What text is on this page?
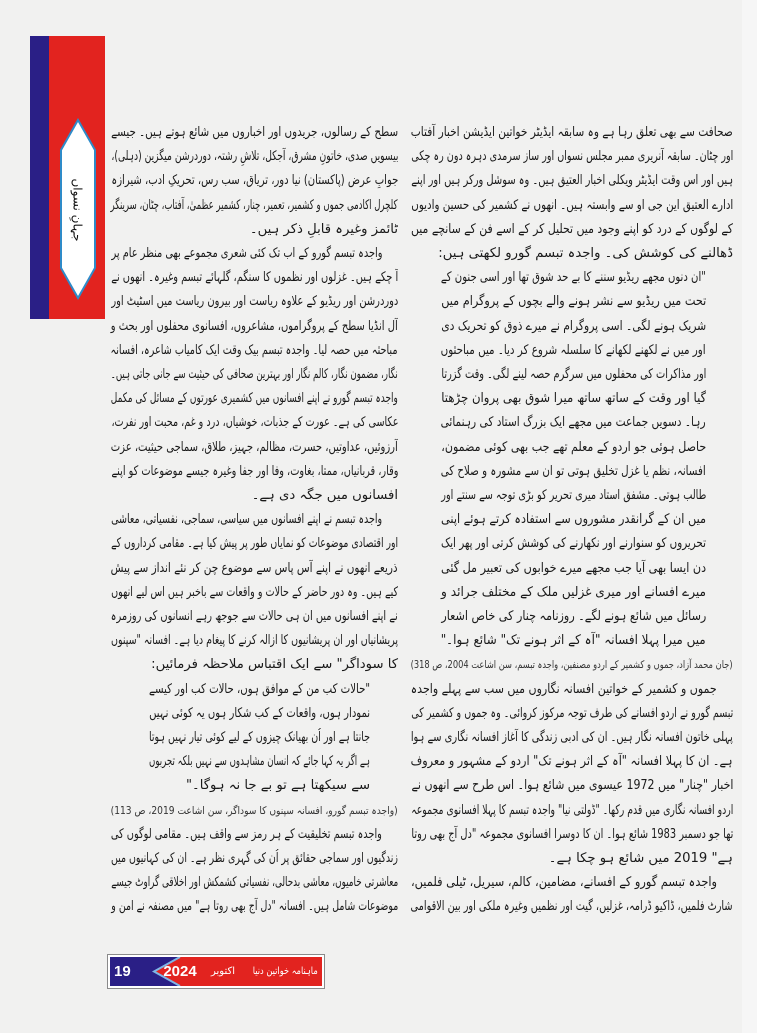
جہانِ نسواں
صحافت سے بھی تعلق رہا ہے وہ سابقہ ایڈیٹر خواتین ایڈیشن اخبار آفتاب
اور چٹان۔ سابقہ آنریری ممبر مجلس نسواں اور ساز سرمدی دہرہ دون رہ چکی
ہیں اور اس وقت ایڈیٹر ویکلی اخبار العتیق ہیں۔ وہ سوشل ورکر ہیں اور اپنے
ادارے العتیق این جی او سے وابستہ ہیں۔ انھوں نے کشمیر کی حسین وادیوں
کے لوگوں کے درد کو اپنے وجود میں تحلیل کر کے اسے فن کے سانچے میں
ڈھالنے کی کوشش کی۔ واجدہ تبسم گورو لکھتی ہیں:
"ان دنوں مجھے ریڈیو سننے کا بے حد شوق تھا اور اسی جنون کے
تحت میں ریڈیو سے نشر ہونے والے بچوں کے پروگرام میں
شریک ہونے لگی۔ اسی پروگرام نے میرے ذوق کو تحریک دی
اور میں نے لکھنے لکھانے کا سلسلہ شروع کر دیا۔ میں مباحثوں
اور مذاکرات کی محفلوں میں سرگرم حصہ لینے لگی۔ وقت گزرتا
گیا اور وقت کے ساتھ ساتھ میرا شوق بھی پروان چڑھتا
رہا۔ دسویں جماعت میں مجھے ایک بزرگ استاد کی رہنمائی
حاصل ہوئی جو اردو کے معلم تھے جب بھی کوئی مضمون،
افسانہ، نظم یا غزل تخلیق ہوتی تو ان سے مشورہ و صلاح کی
طالب ہوتی۔ مشفق استاد میری تحریر کو بڑی توجہ سے سنتے اور
میں ان کے گرانقدر مشوروں سے استفادہ کرتے ہوئے اپنی
تحریروں کو سنوارنے اور نکھارنے کی کوشش کرتی اور پھر ایک
دن ایسا بھی آیا جب مجھے میرے خوابوں کی تعبیر مل گئی
میرے افسانے اور میری غزلیں ملک کے مختلف جرائد و
رسائل میں شائع ہونے لگے۔ روزنامہ چنار کی خاص اشعار
میں میرا پہلا افسانہ "آہ کے اثر ہونے تک" شائع ہوا۔"
(جان محمد آزاد، جموں و کشمیر کے اردو مصنفین، واجدہ تبسم، سن اشاعت 2004، ص 318)
جموں و کشمیر کے خواتین افسانہ نگاروں میں سب سے پہلے واجدہ
تبسم گورو نے اردو افسانے کی طرف توجہ مرکوز کروائی۔ وہ جموں و کشمیر کی
پہلی خاتون افسانہ نگار ہیں۔ ان کی ادبی زندگی کا آغاز افسانہ نگاری سے ہوا
ہے۔ ان کا پہلا افسانہ "آہ کے اثر ہونے تک" اردو کے مشہور و معروف
اخبار "چنار" میں 1972 عیسوی میں شائع ہوا۔ اس طرح سے انھوں نے
اردو افسانہ نگاری میں قدم رکھا۔ "ڈولتی نیا" واجدہ تبسم کا پہلا افسانوی مجموعہ
تھا جو دسمبر 1983 شائع ہوا۔ ان کا دوسرا افسانوی مجموعہ "دل آج بھی روتا
ہے" 2019 میں شائع ہو چکا ہے۔
واجدہ تبسم گورو کے افسانے، مضامین، کالم، سیریل، ٹیلی فلمیں،
شارٹ فلمیں، ڈاکیو ڈرامہ، غزلیں، گیت اور نظمیں وغیرہ ملکی اور بین الاقوامی
سطح کے رسالوں، جریدوں اور اخباروں میں شائع ہوتے ہیں۔ جیسے
بیسویں صدی، خاتونِ مشرق، آجکل، تلاشِ رشتہ، دوردرشن میگزین (دہلی)،
جوابِ عرض (پاکستان) نیا دور، تریاق، سب رس، تحریکِ ادب، شیرازہ
کلچرل اکادمی جموں و کشمیر، تعمیر، چنار، کشمیر عظمیٰ، آفتاب، چٹان، سرینگر
ٹائمز وغیرہ قابلِ ذکر ہیں۔
واجدہ تبسم گورو کے اب تک کئی شعری مجموعے بھی منظر عام پر
آ چکے ہیں۔ غزلوں اور نظموں کا سنگم، گلہائے تبسم وغیرہ۔ انھوں نے
دوردرشن اور ریڈیو کے علاوہ ریاست اور بیرون ریاست میں اسٹیٹ اور
آل انڈیا سطح کے پروگراموں، مشاعروں، افسانوی محفلوں اور بحث و
مباحثہ میں حصہ لیا۔ واجدہ تبسم بیک وقت ایک کامیاب شاعرہ، افسانہ
نگار، مضمون نگار، کالم نگار اور بہترین صحافی کی حیثیت سے جانی جاتی ہیں۔
واجدہ تبسم گورو نے اپنے افسانوں میں کشمیری عورتوں کے مسائل کی مکمل
عکاسی کی ہے۔ عورت کے جذبات، خوشیاں، درد و غم، محبت اور نفرت،
آرزوئیں، عداوتیں، حسرت، مظالم، جہیز، طلاق، سماجی حیثیت، عزت
وقار، قربانیاں، ممتا، بغاوت، وفا اور جفا وغیرہ جیسے موضوعات کو اپنے
افسانوں میں جگہ دی ہے۔
واجدہ تبسم نے اپنے افسانوں میں سیاسی، سماجی، نفسیاتی، معاشی
اور اقتصادی موضوعات کو نمایاں طور پر پیش کیا ہے۔ مقامی کرداروں کے
ذریعے انھوں نے اپنے آس پاس سے موضوع چن کر نئے انداز سے پیش
کیے ہیں۔ وہ دور حاضر کے حالات و واقعات سے باخبر ہیں اس لیے انھوں
نے اپنے افسانوں میں ان ہی حالات سے جوجھ رہے انسانوں کی روزمرہ
پریشانیاں اور ان پریشانیوں کا ازالہ کرنے کا پیغام دیا ہے۔ افسانہ "سپنوں
کا سوداگر" سے ایک اقتباس ملاحظہ فرمائیں:
"حالات کب من کے موافق ہوں، حالات کب اور کیسے
نمودار ہوں، واقعات کے کب شکار ہوں یہ کوئی نہیں
جانتا ہے اور اُن بھیانک چیزوں کے لیے کوئی تیار نہیں ہوتا
ہے اگر یہ کہا جائے کہ انسان مشاہدوں سے نہیں بلکہ تجربوں
سے سیکھتا ہے تو بے جا نہ ہوگا۔"
(واجدہ تبسم گورو، افسانہ سپنوں کا سوداگر، سن اشاعت 2019، ص 113)
واجدہ تبسم تخلیقیت کے ہر رمز سے واقف ہیں۔ مقامی لوگوں کی
زندگیوں اور سماجی حقائق پر اُن کی گہری نظر ہے۔ ان کی کہانیوں میں
معاشرتی خامیوں، معاشی بدحالی، نفسیاتی کشمکش اور اخلاقی گراوٹ جیسے
موضوعات شامل ہیں۔ افسانہ "دل آج بھی روتا ہے" میں مصنفہ نے امن و
19	2024	اکتوبر	ماہنامہ خواتین دنیا
